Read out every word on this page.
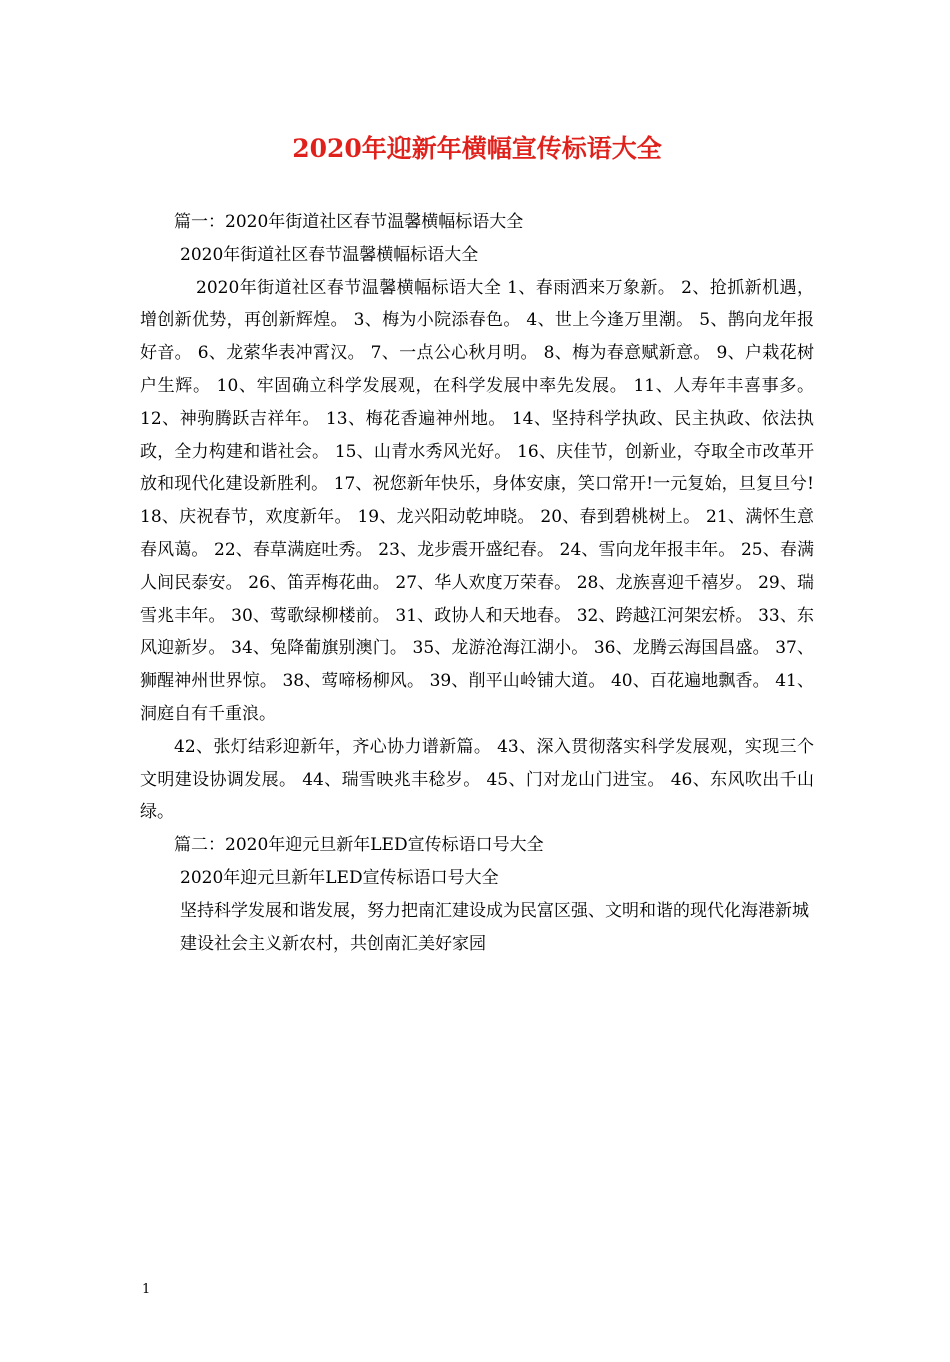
2020年迎新年横幅宣传标语大全
篇一：2020年街道社区春节温馨横幅标语大全
2020年街道社区春节温馨横幅标语大全
2020年街道社区春节温馨横幅标语大全 1、春雨洒来万象新。 2、抢抓新机遇，增创新优势，再创新辉煌。 3、梅为小院添春色。 4、世上今逢万里潮。 5、鹊向龙年报好音。 6、龙萦华表冲霄汉。 7、一点公心秋月明。 8、梅为春意赋新意。 9、户栽花树户生辉。 10、牢固确立科学发展观，在科学发展中率先发展。 11、人寿年丰喜事多。 12、神驹腾跃吉祥年。 13、梅花香遍神州地。 14、坚持科学执政、民主执政、依法执政，全力构建和谐社会。 15、山青水秀风光好。 16、庆佳节，创新业，夺取全市改革开放和现代化建设新胜利。 17、祝您新年快乐，身体安康，笑口常开!一元复始，旦复旦兮! 18、庆祝春节，欢度新年。 19、龙兴阳动乾坤晓。 20、春到碧桃树上。 21、满怀生意春风蔼。 22、春草满庭吐秀。 23、龙步震开盛纪春。 24、雪向龙年报丰年。 25、春满人间民泰安。 26、笛弄梅花曲。 27、华人欢度万荣春。 28、龙族喜迎千禧岁。 29、瑞雪兆丰年。 30、莺歌绿柳楼前。 31、政协人和天地春。 32、跨越江河架宏桥。 33、东风迎新岁。 34、兔降葡旗别澳门。 35、龙游沧海江湖小。 36、龙腾云海国昌盛。 37、狮醒神州世界惊。 38、莺啼杨柳风。 39、削平山岭铺大道。 40、百花遍地飘香。 41、洞庭自有千重浪。
42、张灯结彩迎新年，齐心协力谱新篇。 43、深入贯彻落实科学发展观，实现三个文明建设协调发展。 44、瑞雪映兆丰稔岁。 45、门对龙山门进宝。 46、东风吹出千山绿。
篇二：2020年迎元旦新年LED宣传标语口号大全
2020年迎元旦新年LED宣传标语口号大全
坚持科学发展和谐发展，努力把南汇建设成为民富区强、文明和谐的现代化海港新城
建设社会主义新农村，共创南汇美好家园
1
